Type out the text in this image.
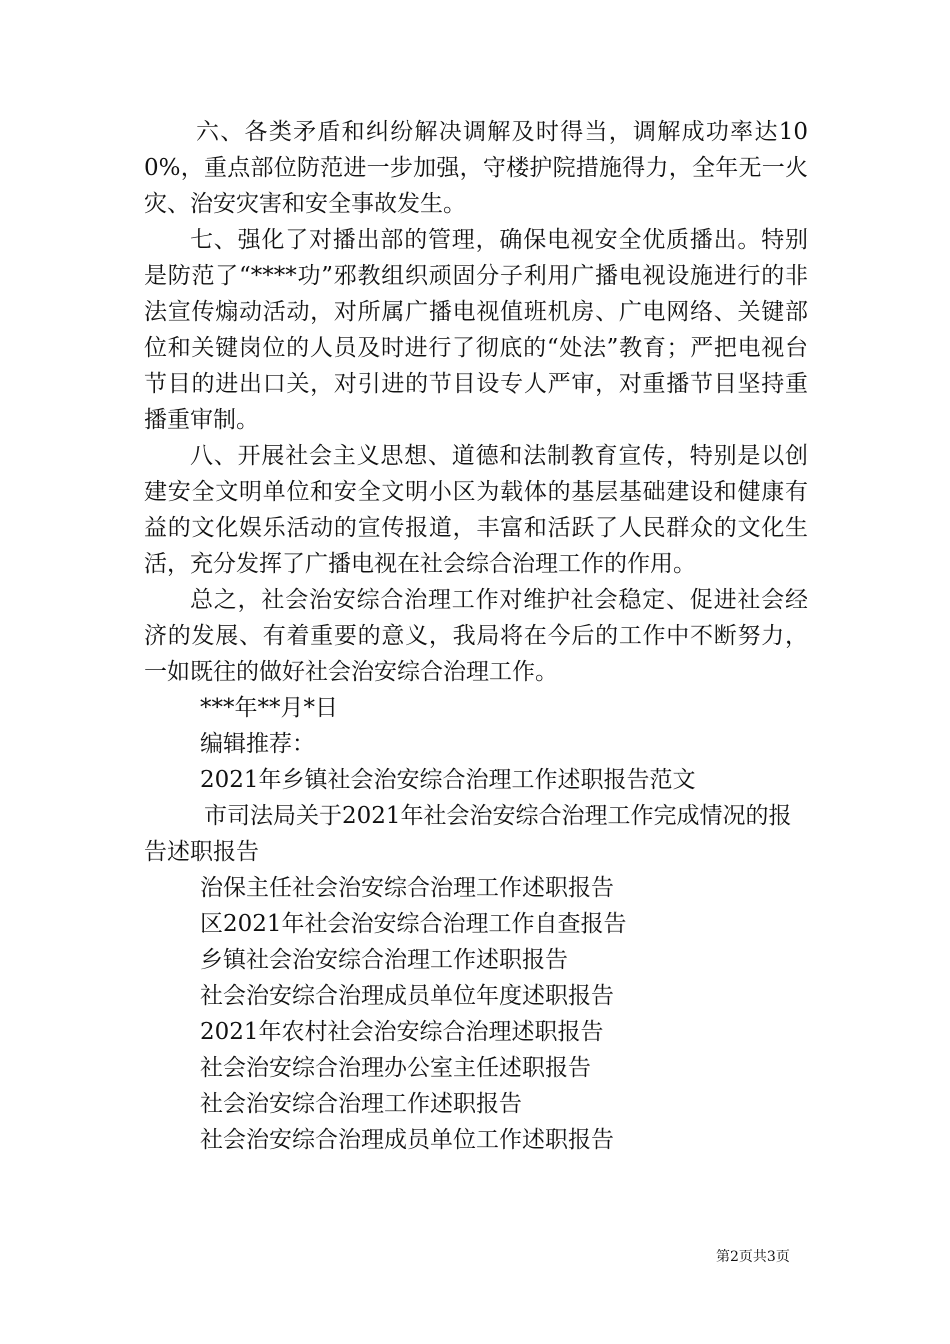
六、各类矛盾和纠纷解决调解及时得当，调解成功率达100%，重点部位防范进一步加强，守楼护院措施得力，全年无一火灾、治安灾害和安全事故发生。

七、强化了对播出部的管理，确保电视安全优质播出。特别是防范了“****功”邪教组织顽固分子利用广播电视设施进行的非法宣传煽动活动，对所属广播电视值班机房、广电网络、关键部位和关键岗位的人员及时进行了彻底的“处法”教育；严把电视台节目的进出口关，对引进的节目设专人严审，对重播节目坚持重播重审制。

八、开展社会主义思想、道德和法制教育宣传，特别是以创建安全文明单位和安全文明小区为载体的基层基础建设和健康有益的文化娱乐活动的宣传报道，丰富和活跃了人民群众的文化生活，充分发挥了广播电视在社会综合治理工作的作用。

总之，社会治安综合治理工作对维护社会稳定、促进社会经济的发展、有着重要的意义，我局将在今后的工作中不断努力，一如既往的做好社会治安综合治理工作。

***年**月*日

编辑推荐：

2021年乡镇社会治安综合治理工作述职报告范文

市司法局关于2021年社会治安综合治理工作完成情况的报告述职报告

治保主任社会治安综合治理工作述职报告

区2021年社会治安综合治理工作自查报告

乡镇社会治安综合治理工作述职报告

社会治安综合治理成员单位年度述职报告

2021年农村社会治安综合治理述职报告

社会治安综合治理办公室主任述职报告

社会治安综合治理工作述职报告

社会治安综合治理成员单位工作述职报告

第2页共3页
